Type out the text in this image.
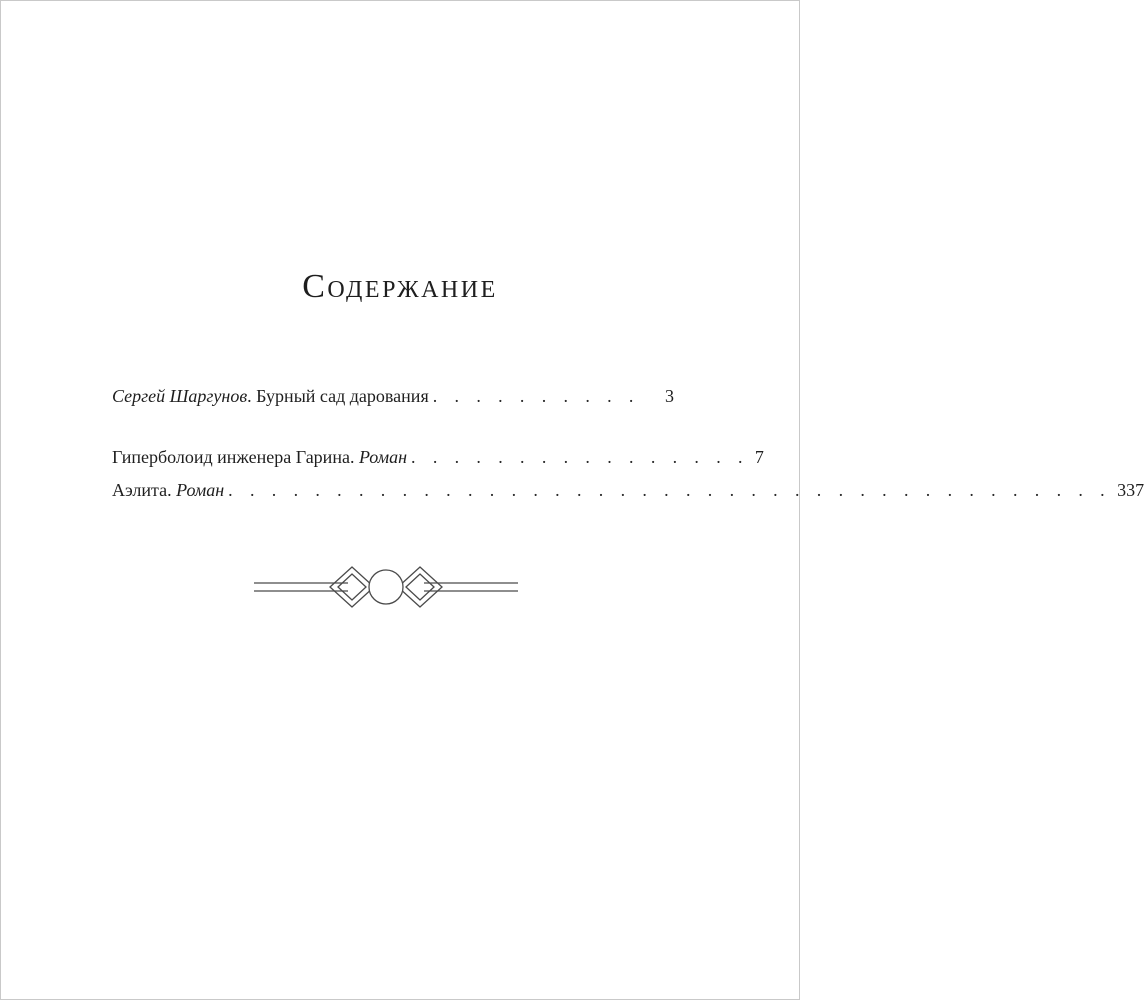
Содержание
Сергей Шаргунов . Бурный сад дарования . . . . . . . . . .	3
Гиперболоид инженера Гарина. Роман . . . . . . . . . . . . . . . . 7
Аэлита. Роман . . . . . . . . . . . . . . . . . . . . . . . . . . . . . . . . . . . . . . . . . 337
